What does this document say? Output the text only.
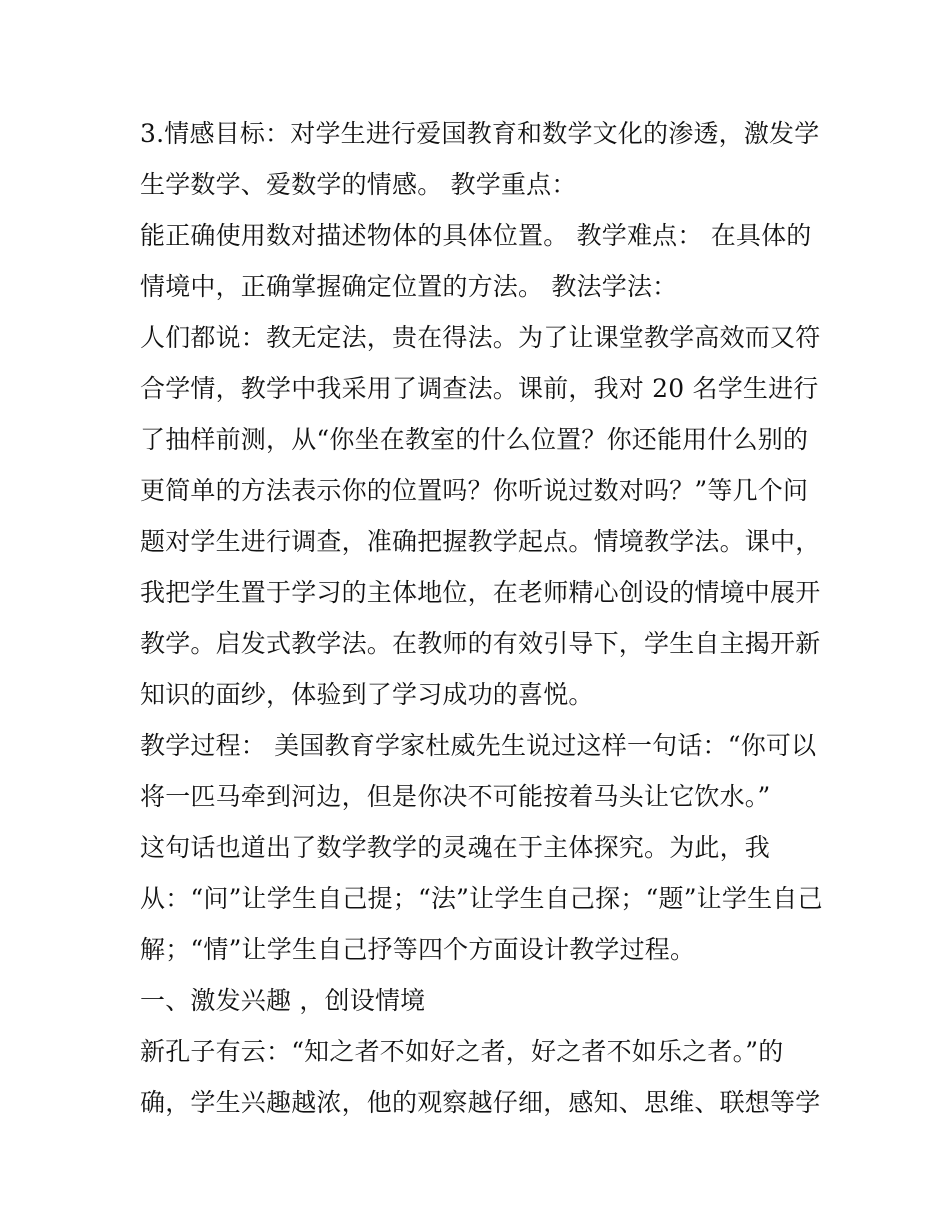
3.情感目标：对学生进行爱国教育和数学文化的渗透，激发学
生学数学、爱数学的情感。 教学重点：
能正确使用数对描述物体的具体位置。 教学难点： 在具体的
情境中，正确掌握确定位置的方法。 教法学法：
人们都说：教无定法，贵在得法。为了让课堂教学高效而又符
合学情，教学中我采用了调查法。课前，我对 20 名学生进行
了抽样前测，从“你坐在教室的什么位置？你还能用什么别的
更简单的方法表示你的位置吗？你听说过数对吗？”等几个问
题对学生进行调查，准确把握教学起点。情境教学法。课中，
我把学生置于学习的主体地位，在老师精心创设的情境中展开
教学。启发式教学法。在教师的有效引导下，学生自主揭开新
知识的面纱，体验到了学习成功的喜悦。
教学过程： 美国教育学家杜威先生说过这样一句话：“你可以
将一匹马牵到河边，但是你决不可能按着马头让它饮水。”
这句话也道出了数学教学的灵魂在于主体探究。为此，我
从：“问”让学生自己提；“法”让学生自己探；“题”让学生自己
解；“情”让学生自己抒等四个方面设计教学过程。
一、激发兴趣 ，创设情境
新孔子有云：“知之者不如好之者，好之者不如乐之者。”的
确，学生兴趣越浓，他的观察越仔细，感知、思维、联想等学
